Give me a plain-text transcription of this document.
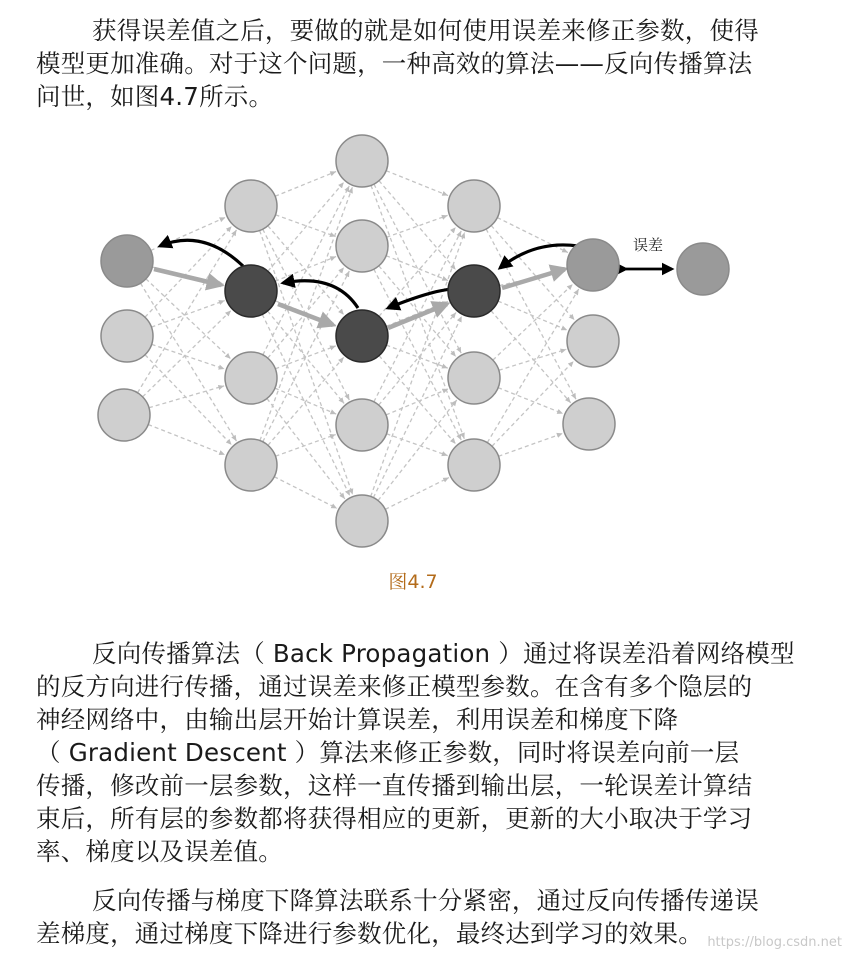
获得误差值之后，要做的就是如何使用误差来修正参数，使得
模型更加准确。对于这个问题，一种高效的算法——反向传播算法
问世，如图4.7所示。

误差
图4.7

反向传播算法（ Back Propagation ）通过将误差沿着网络模型
的反方向进行传播，通过误差来修正模型参数。在含有多个隐层的
神经网络中，由输出层开始计算误差，利用误差和梯度下降
（ Gradient Descent ）算法来修正参数，同时将误差向前一层
传播，修改前一层参数，这样一直传播到输出层，一轮误差计算结
束后，所有层的参数都将获得相应的更新，更新的大小取决于学习
率、梯度以及误差值。

反向传播与梯度下降算法联系十分紧密，通过反向传播传递误
差梯度，通过梯度下降进行参数优化，最终达到学习的效果。 https://blog.csdn.net
